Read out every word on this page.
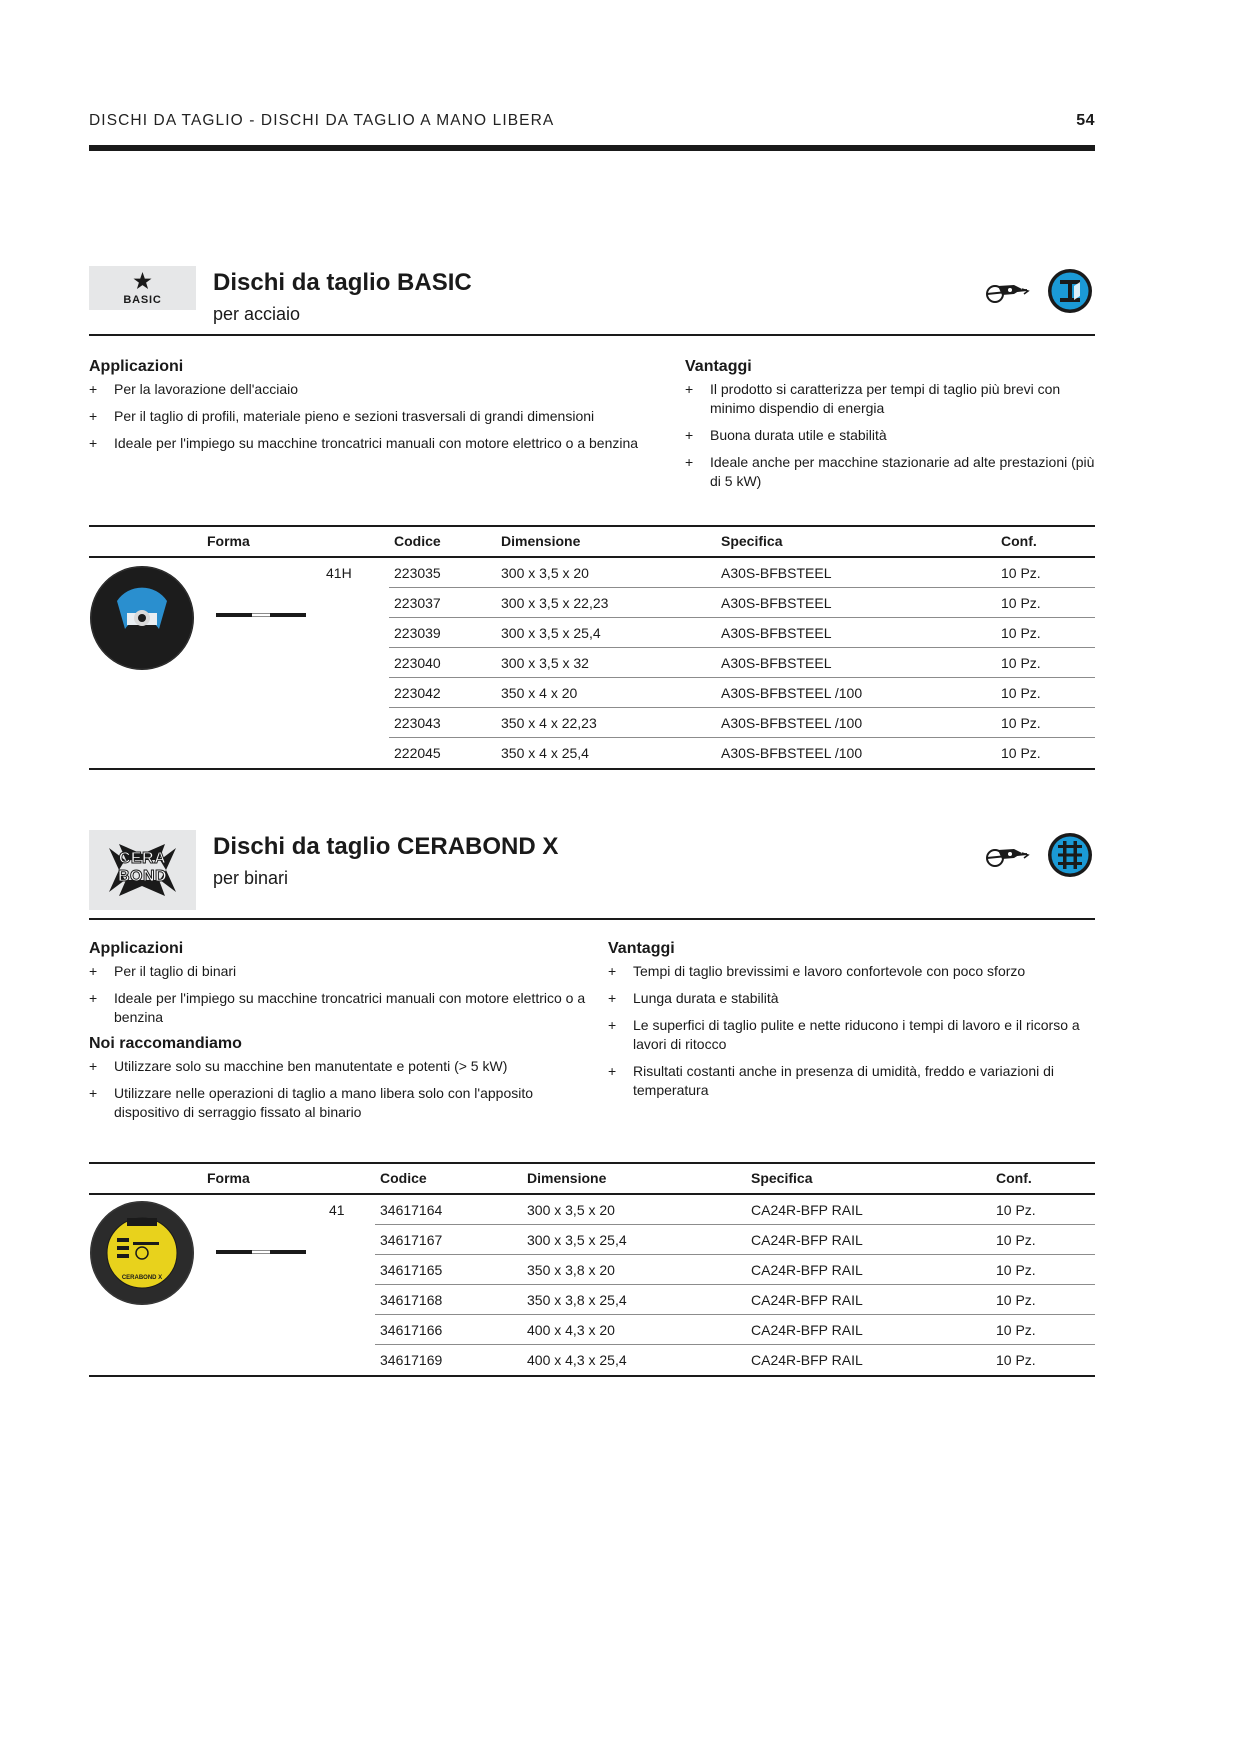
DISCHI DA TAGLIO - DISCHI DA TAGLIO A MANO LIBERA	54
BASIC
Dischi da taglio BASIC
per acciaio
Applicazioni
+ Per la lavorazione dell'acciaio
+ Per il taglio di profili, materiale pieno e sezioni trasversali di grandi dimensioni
+ Ideale per l'impiego su macchine troncatrici manuali con motore elettrico o a benzina
Vantaggi
+ Il prodotto si caratterizza per tempi di taglio più brevi con minimo dispendio di energia
+ Buona durata utile e stabilità
+ Ideale anche per macchine stazionarie ad alte prestazioni (più di 5 kW)
Forma	Codice	Dimensione	Specifica	Conf.
41H	223035	300 x 3,5 x 20	A30S-BFBSTEEL	10 Pz.
223037	300 x 3,5 x 22,23	A30S-BFBSTEEL	10 Pz.
223039	300 x 3,5 x 25,4	A30S-BFBSTEEL	10 Pz.
223040	300 x 3,5 x 32	A30S-BFBSTEEL	10 Pz.
223042	350 x 4 x 20	A30S-BFBSTEEL /100	10 Pz.
223043	350 x 4 x 22,23	A30S-BFBSTEEL /100	10 Pz.
222045	350 x 4 x 25,4	A30S-BFBSTEEL /100	10 Pz.
CERA
BOND
Dischi da taglio CERABOND X
per binari
Applicazioni
+ Per il taglio di binari
+ Ideale per l'impiego su macchine troncatrici manuali con motore elettrico o a benzina
Noi raccomandiamo
+ Utilizzare solo su macchine ben manutentate e potenti (> 5 kW)
+ Utilizzare nelle operazioni di taglio a mano libera solo con l'apposito dispositivo di serraggio fissato al binario
Vantaggi
+ Tempi di taglio brevissimi e lavoro confortevole con poco sforzo
+ Lunga durata e stabilità
+ Le superfici di taglio pulite e nette riducono i tempi di lavoro e il ricorso a lavori di ritocco
+ Risultati costanti anche in presenza di umidità, freddo e variazioni di temperatura
Forma	Codice	Dimensione	Specifica	Conf.
CERABOND X
41	34617164	300 x 3,5 x 20	CA24R-BFP RAIL	10 Pz.
34617167	300 x 3,5 x 25,4	CA24R-BFP RAIL	10 Pz.
34617165	350 x 3,8 x 20	CA24R-BFP RAIL	10 Pz.
34617168	350 x 3,8 x 25,4	CA24R-BFP RAIL	10 Pz.
34617166	400 x 4,3 x 20	CA24R-BFP RAIL	10 Pz.
34617169	400 x 4,3 x 25,4	CA24R-BFP RAIL	10 Pz.
